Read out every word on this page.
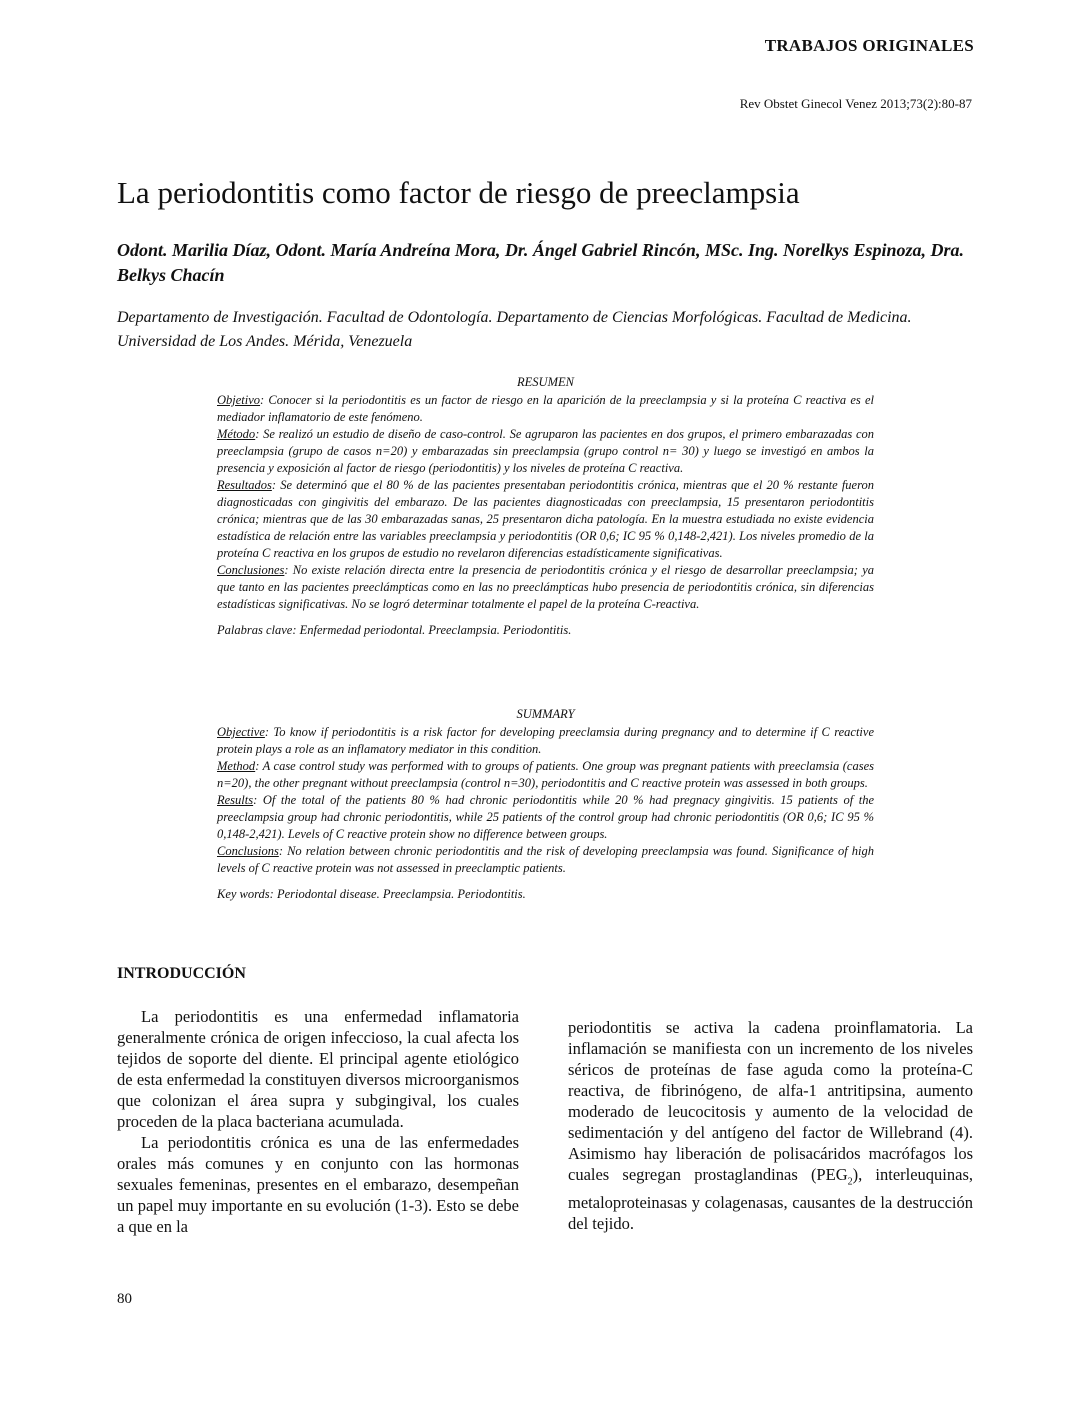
TRABAJOS ORIGINALES
Rev Obstet Ginecol Venez 2013;73(2):80-87
La periodontitis como factor de riesgo de preeclampsia

Odont. Marilia Díaz, Odont. María Andreína Mora, Dr. Ángel Gabriel Rincón, MSc. Ing. Norelkys Espinoza, Dra. Belkys Chacín

Departamento de Investigación. Facultad de Odontología. Departamento de Ciencias Morfológicas. Facultad de Medicina. Universidad de Los Andes. Mérida, Venezuela

RESUMEN

Objetivo: Conocer si la periodontitis es un factor de riesgo en la aparición de la preeclampsia y si la proteína C reactiva es el mediador inflamatorio de este fenómeno.

Método: Se realizó un estudio de diseño de caso-control. Se agruparon las pacientes en dos grupos, el primero embarazadas con preeclampsia (grupo de casos n=20) y embarazadas sin preeclampsia (grupo control n= 30) y luego se investigó en ambos la presencia y exposición al factor de riesgo (periodontitis) y los niveles de proteína C reactiva.

Resultados: Se determinó que el 80 % de las pacientes presentaban periodontitis crónica, mientras que el 20 % restante fueron diagnosticadas con gingivitis del embarazo. De las pacientes diagnosticadas con preeclampsia, 15 presentaron periodontitis crónica; mientras que de las 30 embarazadas sanas, 25 presentaron dicha patología. En la muestra estudiada no existe evidencia estadística de relación entre las variables preeclampsia y periodontitis (OR 0,6; IC 95 % 0,148-2,421). Los niveles promedio de la proteína C reactiva en los grupos de estudio no revelaron diferencias estadísticamente significativas.

Conclusiones: No existe relación directa entre la presencia de periodontitis crónica y el riesgo de desarrollar preeclampsia; ya que tanto en las pacientes preeclámpticas como en las no preeclámpticas hubo presencia de periodontitis crónica, sin diferencias estadísticas significativas. No se logró determinar totalmente el papel de la proteína C-reactiva.

Palabras clave: Enfermedad periodontal. Preeclampsia. Periodontitis.

SUMMARY

Objective: To know if periodontitis is a risk factor for developing preeclamsia during pregnancy and to determine if C reactive protein plays a role as an inflamatory mediator in this condition.

Method: A case control study was performed with to groups of patients. One group was pregnant patients with preeclamsia (cases n=20), the other pregnant without preeclampsia (control n=30), periodontitis and C reactive protein was assessed in both groups.

Results: Of the total of the patients 80 % had chronic periodontitis while 20 % had pregnacy gingivitis. 15 patients of the preeclampsia group had chronic periodontitis, while 25 patients of the control group had chronic periodontitis (OR 0,6; IC 95 % 0,148-2,421). Levels of C reactive protein show no difference between groups.

Conclusions: No relation between chronic periodontitis and the risk of developing preeclampsia was found. Significance of high levels of C reactive protein was not assessed in preeclamptic patients.

Key words: Periodontal disease. Preeclampsia. Periodontitis.

INTRODUCCIÓN

La periodontitis es una enfermedad inflamatoria generalmente crónica de origen infeccioso, la cual afecta los tejidos de soporte del diente. El principal agente etiológico de esta enfermedad la constituyen diversos microorganismos que colonizan el área supra y subgingival, los cuales proceden de la placa bacteriana acumulada.

La periodontitis crónica es una de las enfermedades orales más comunes y en conjunto con las hormonas sexuales femeninas, presentes en el embarazo, desempeñan un papel muy importante en su evolución (1-3). Esto se debe a que en la

periodontitis se activa la cadena proinflamatoria. La inflamación se manifiesta con un incremento de los niveles séricos de proteínas de fase aguda como la proteína-C reactiva, de fibrinógeno, de alfa-1 antritipsina, aumento moderado de leucocitosis y aumento de la velocidad de sedimentación y del antígeno del factor de Willebrand (4). Asimismo hay liberación de polisacáridos macrófagos los cuales segregan prostaglandinas $(PEG_2)$, interleuquinas, metaloproteinasas y colagenasas, causantes de la destrucción del tejido.

80
